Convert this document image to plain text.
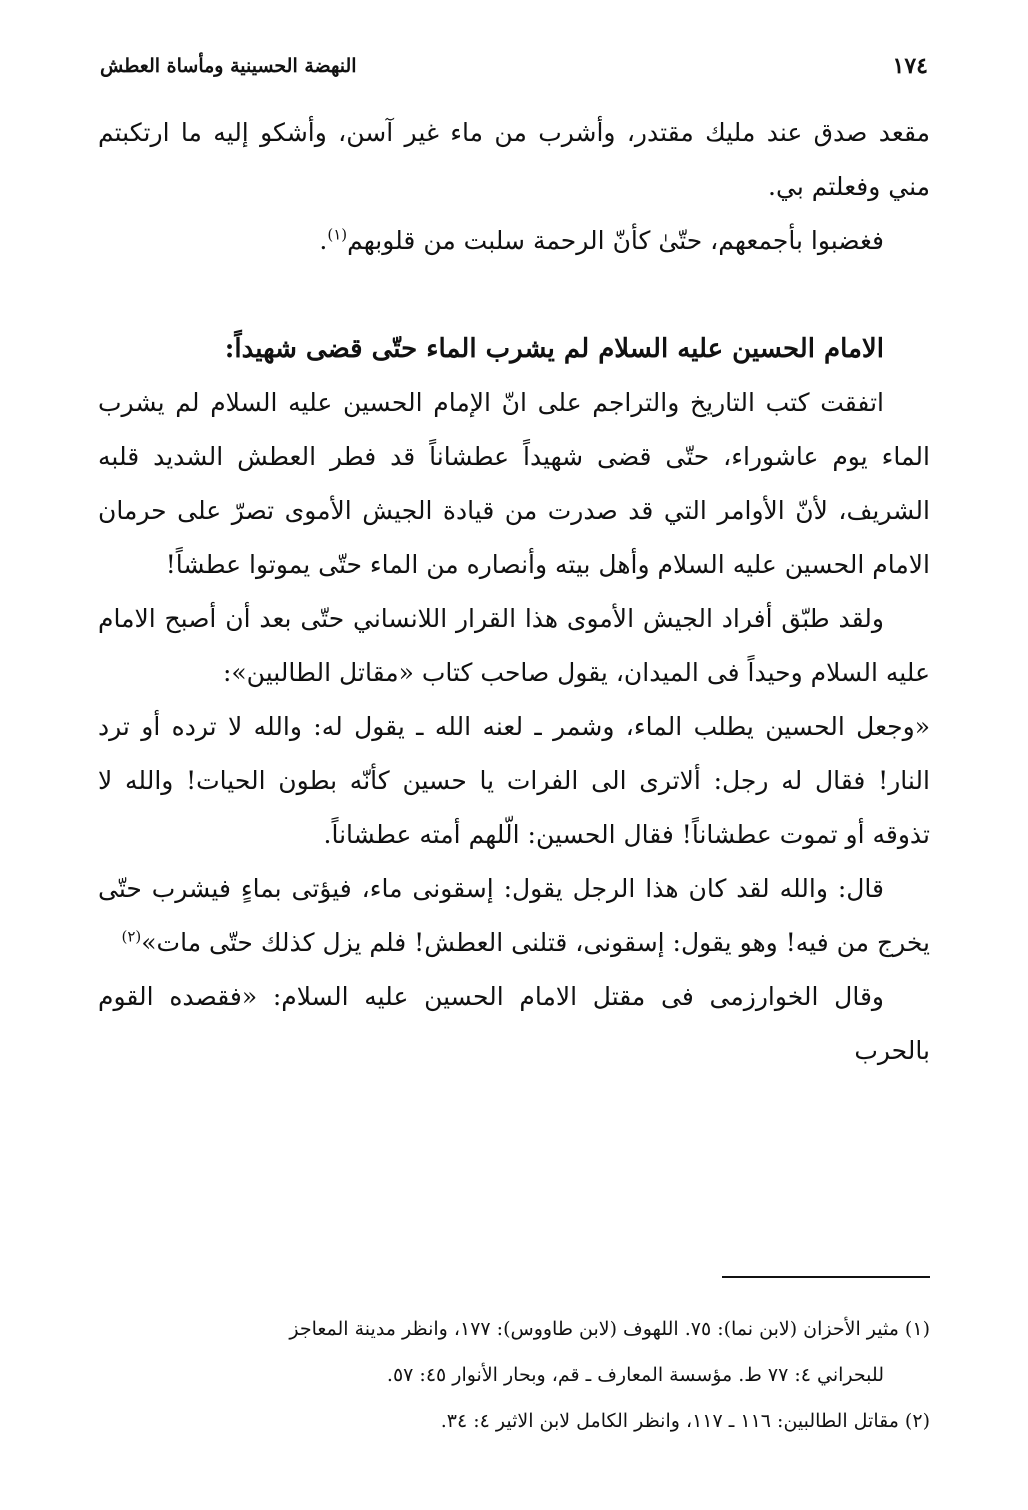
١٧٤
النهضة الحسينية ومأساة العطش

مقعد صدق عند مليك مقتدر، وأشرب من ماء غير آسن، وأشكو إليه ما ارتكبتم مني وفعلتم بي.

فغضبوا بأجمعهم، حتّىٰ كأنّ الرحمة سلبت من قلوبهم$^{(١)}$.

الامام الحسين عليه السلام لم يشرب الماء حتّى قضى شهيداً:

اتفقت كتب التاريخ والتراجم على انّ الإمام الحسين عليه السلام لم يشرب الماء يوم عاشوراء، حتّى قضى شهيداً عطشاناً قد فطر العطش الشديد قلبه الشريف، لأنّ الأوامر التي قد صدرت من قيادة الجيش الأموى تصرّ على حرمان الامام الحسين عليه السلام وأهل بيته وأنصاره من الماء حتّى يموتوا عطشاً!

ولقد طبّق أفراد الجيش الأموى هذا القرار اللانساني حتّى بعد أن أصبح الامام عليه السلام وحيداً فى الميدان، يقول صاحب كتاب «مقاتل الطالبين»:

«وجعل الحسين يطلب الماء، وشمر ـ لعنه الله ـ يقول له: والله لا ترده أو ترد النار! فقال له رجل: ألاترى الى الفرات يا حسين كأنّه بطون الحيات! والله لا تذوقه أو تموت عطشاناً! فقال الحسين: الّلهم أمته عطشاناً.

قال: والله لقد كان هذا الرجل يقول: إسقونى ماء، فيؤتى بماءٍ فيشرب حتّى يخرج من فيه! وهو يقول: إسقونى، قتلنى العطش! فلم يزل كذلك حتّى مات»$^{(٢)}$

وقال الخوارزمى فى مقتل الامام الحسين عليه السلام: «فقصده القوم بالحرب

(١) مثير الأحزان (لابن نما): ٧٥. اللهوف (لابن طاووس): ١٧٧، وانظر مدينة المعاجز

للبحراني ٤: ٧٧ ط. مؤسسة المعارف ـ قم، وبحار الأنوار ٤٥: ٥٧.

(٢) مقاتل الطالبين: ١١٦ ـ ١١٧، وانظر الكامل لابن الاثير ٤: ٣٤.
